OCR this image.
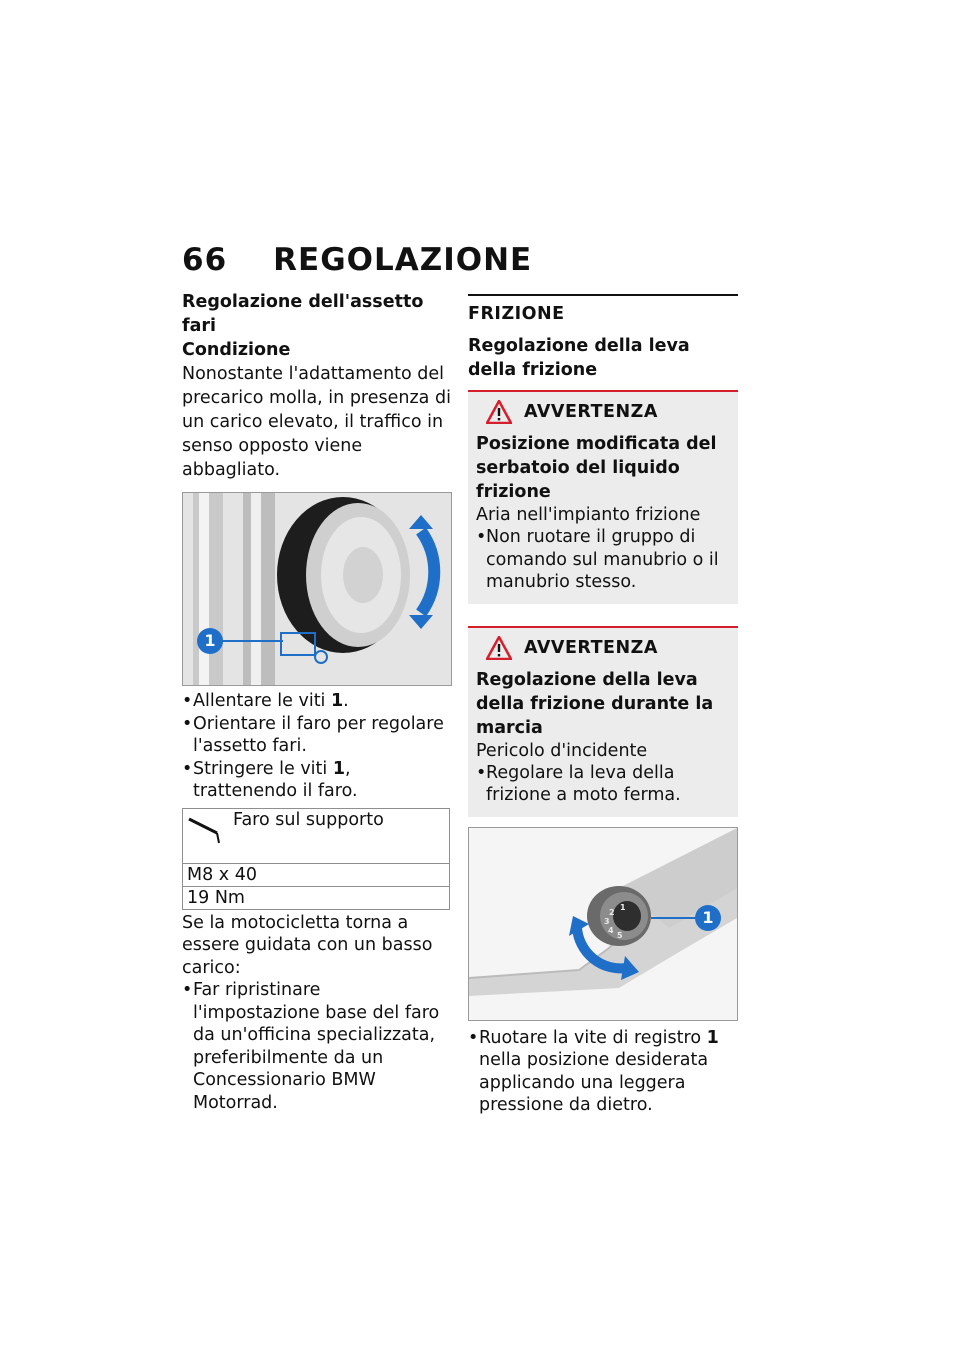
66 REGOLAZIONE
Regolazione dell'assetto fari
Condizione

Nonostante l'adattamento del precarico molla, in presenza di un carico elevato, il traffico in senso opposto viene abbagliato.

1
• Allentare le viti 1.
• Orientare il faro per regolare l'assetto fari.
• Stringere le viti 1, trattenendo il faro.
Faro sul supporto
M8 x 40
19 Nm

Se la motocicletta torna a essere guidata con un basso carico:

• Far ripristinare l'impostazione base del faro da un'officina specializzata, preferibilmente da un Concessionario BMW Motorrad.
FRIZIONE
Regolazione della leva della frizione
AVVERTENZA
Posizione modificata del serbatoio del liquido frizione

Aria nell'impianto frizione

• Non ruotare il gruppo di comando sul manubrio o il manubrio stesso.
AVVERTENZA
Regolazione della leva della frizione durante la marcia

Pericolo d'incidente

• Regolare la leva della frizione a moto ferma.
1
2
3
4
5
1
• Ruotare la vite di registro 1 nella posizione desiderata applicando una leggera pressione da dietro.
